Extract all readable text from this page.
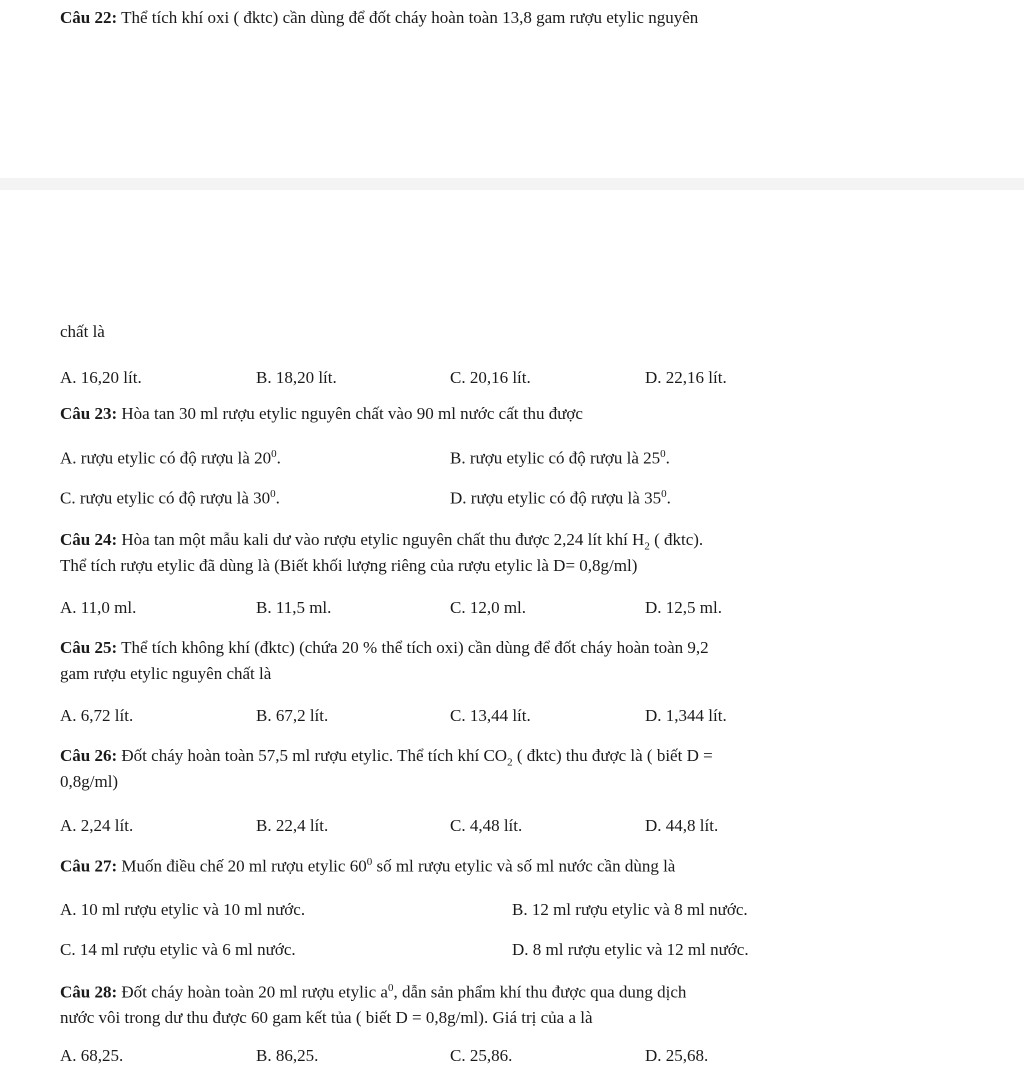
Câu 22: Thể tích khí oxi ( đktc) cần dùng để đốt cháy hoàn toàn 13,8 gam rượu etylic nguyên
chất là
A. 16,20 lít.	B. 18,20 lít.	C. 20,16 lít.	D. 22,16 lít.
Câu 23: Hòa tan 30 ml rượu etylic nguyên chất vào 90 ml nước cất thu được
A. rượu etylic có độ rượu là $20^0$.	B. rượu etylic có độ rượu là $25^0$.
C. rượu etylic có độ rượu là $30^0$.	D. rượu etylic có độ rượu là $35^0$.
Câu 24: Hòa tan một mẫu kali dư vào rượu etylic nguyên chất thu được 2,24 lít khí $H_2$ ( đktc).
Thể tích rượu etylic đã dùng là (Biết khối lượng riêng của rượu etylic là D= 0,8g/ml)
A. 11,0 ml.	B. 11,5 ml.	C. 12,0 ml.	D. 12,5 ml.
Câu 25: Thể tích không khí (đktc) (chứa 20 % thể tích oxi) cần dùng để đốt cháy hoàn toàn 9,2
gam rượu etylic nguyên chất là
A. 6,72 lít.	B. 67,2 lít.	C. 13,44 lít.	D. 1,344 lít.
Câu 26: Đốt cháy hoàn toàn 57,5 ml rượu etylic. Thể tích khí $CO_2$ ( đktc) thu được là ( biết D =
0,8g/ml)
A. 2,24 lít.	B. 22,4 lít.	C. 4,48 lít.	D. 44,8 lít.
Câu 27: Muốn điều chế 20 ml rượu etylic $60^0$ số ml rượu etylic và số ml nước cần dùng là
A. 10 ml rượu etylic và 10 ml nước.	B. 12 ml rượu etylic và 8 ml nước.
C. 14 ml rượu etylic và 6 ml nước.	D. 8 ml rượu etylic và 12 ml nước.
Câu 28: Đốt cháy hoàn toàn 20 ml rượu etylic $a^0$, dẫn sản phẩm khí thu được qua dung dịch
nước vôi trong dư thu được 60 gam kết tủa ( biết D = 0,8g/ml). Giá trị của a là
A. 68,25.	B. 86,25.	C. 25,86.	D. 25,68.
